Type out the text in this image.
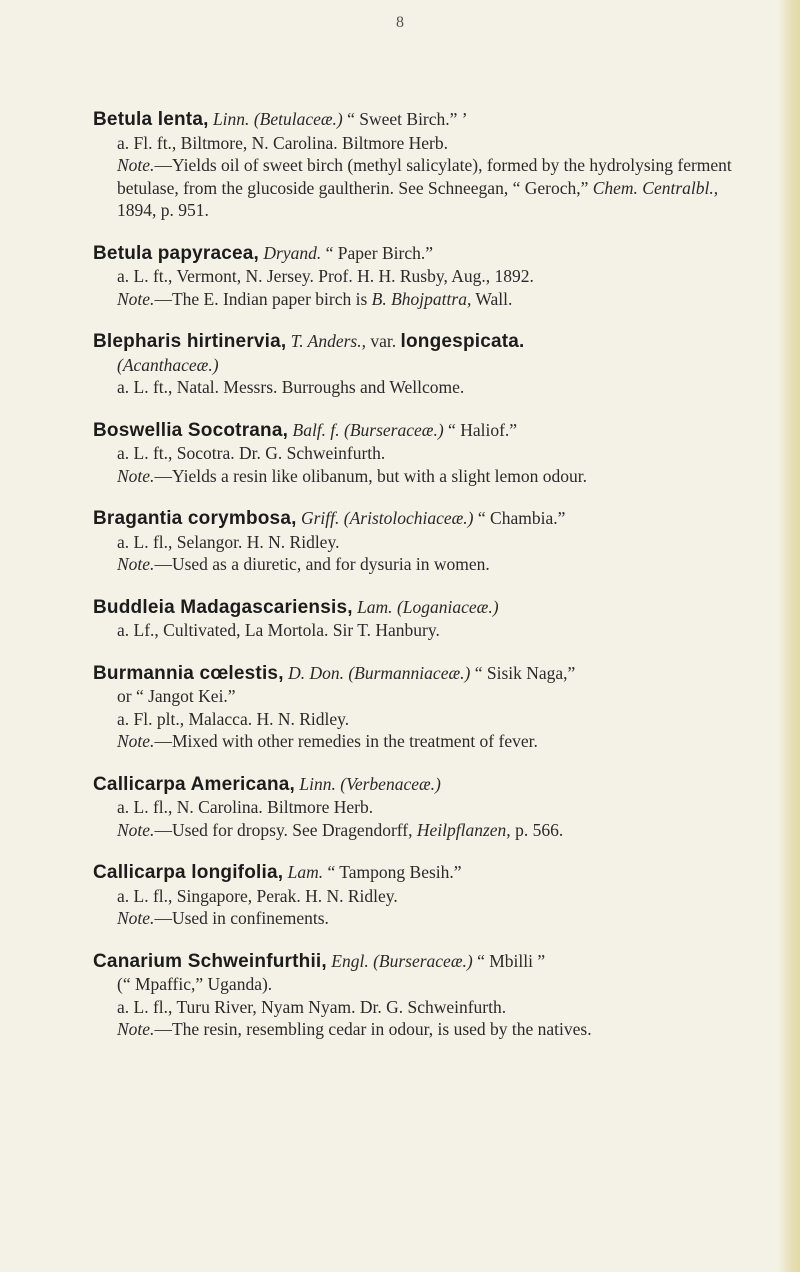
8
Betula lenta, Linn. (Betulaceæ.) “ Sweet Birch.” ’
a. Fl. ft., Biltmore, N. Carolina. Biltmore Herb.
Note.—Yields oil of sweet birch (methyl salicylate), formed by the hydrolysing ferment betulase, from the glucoside gaultherin. See Schneegan, “ Geroch,” Chem. Centralbl., 1894, p. 951.
Betula papyracea, Dryand. “ Paper Birch.”
a. L. ft., Vermont, N. Jersey. Prof. H. H. Rusby, Aug., 1892.
Note.—The E. Indian paper birch is B. Bhojpattra, Wall.
Blepharis hirtinervia, T. Anders., var. longespicata.
(Acanthaceæ.)
a. L. ft., Natal. Messrs. Burroughs and Wellcome.
Boswellia Socotrana, Balf. f. (Burseraceæ.) “ Haliof.”
a. L. ft., Socotra. Dr. G. Schweinfurth.
Note.—Yields a resin like olibanum, but with a slight lemon odour.
Bragantia corymbosa, Griff. (Aristolochiaceæ.) “ Chambia.”
a. L. fl., Selangor. H. N. Ridley.
Note.—Used as a diuretic, and for dysuria in women.
Buddleia Madagascariensis, Lam. (Loganiaceæ.)
a. Lf., Cultivated, La Mortola. Sir T. Hanbury.
Burmannia cœlestis, D. Don. (Burmanniaceæ.) “ Sisik Naga,”
or “ Jangot Kei.”
a. Fl. plt., Malacca. H. N. Ridley.
Note.—Mixed with other remedies in the treatment of fever.
Callicarpa Americana, Linn. (Verbenaceæ.)
a. L. fl., N. Carolina. Biltmore Herb.
Note.—Used for dropsy. See Dragendorff, Heilpflanzen, p. 566.
Callicarpa longifolia, Lam. “ Tampong Besih.”
a. L. fl., Singapore, Perak. H. N. Ridley.
Note.—Used in confinements.
Canarium Schweinfurthii, Engl. (Burseraceæ.) “ Mbilli ”
(“ Mpaffic,” Uganda).
a. L. fl., Turu River, Nyam Nyam. Dr. G. Schweinfurth.
Note.—The resin, resembling cedar in odour, is used by the natives.
